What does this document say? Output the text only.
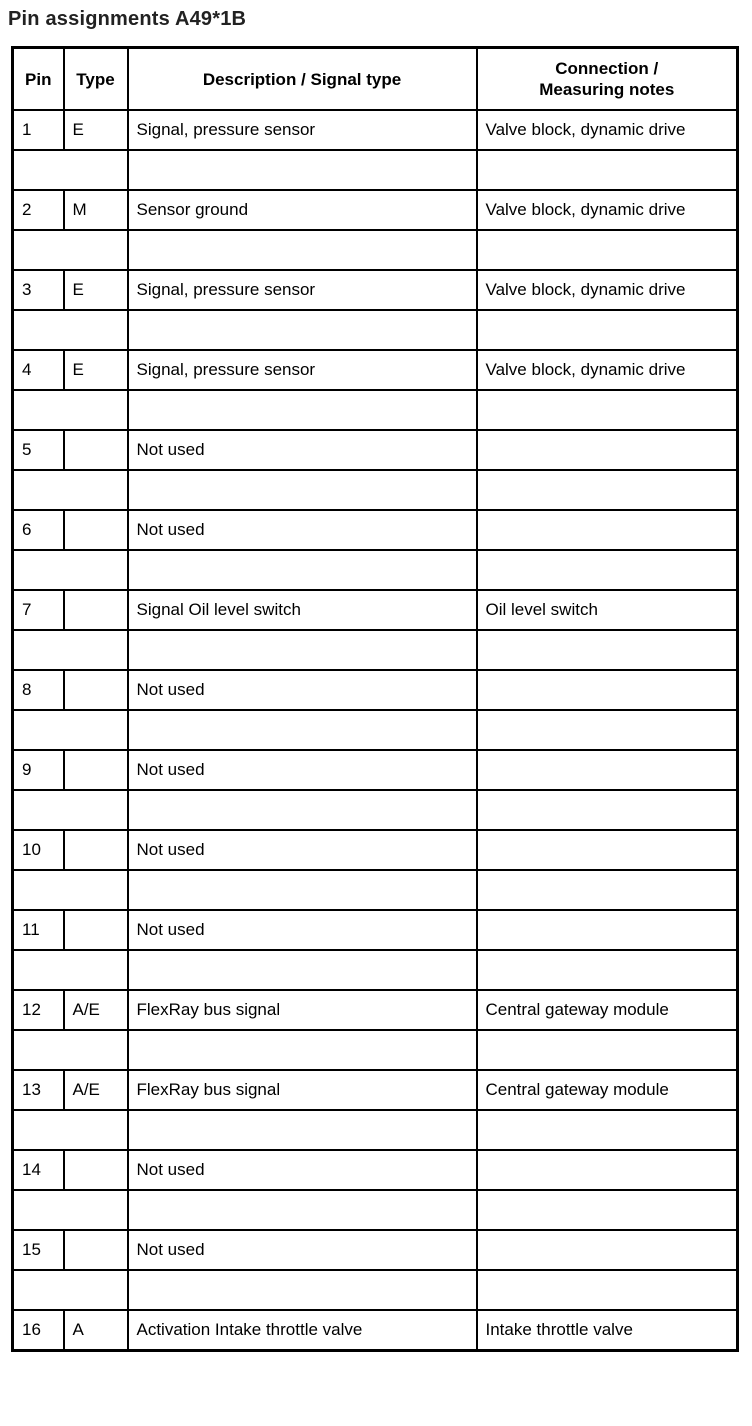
Pin assignments A49*1B
Pin	Type	Description / Signal type	Connection /
Measuring notes
1	E	Signal, pressure sensor	Valve block, dynamic drive

2	M	Sensor ground	Valve block, dynamic drive

3	E	Signal, pressure sensor	Valve block, dynamic drive

4	E	Signal, pressure sensor	Valve block, dynamic drive

5		Not used	

6		Not used	

7		Signal Oil level switch	Oil level switch

8		Not used	

9		Not used	

10		Not used	

11		Not used	

12	A/E	FlexRay bus signal	Central gateway module

13	A/E	FlexRay bus signal	Central gateway module

14		Not used	

15		Not used	

16	A	Activation Intake throttle valve	Intake throttle valve
